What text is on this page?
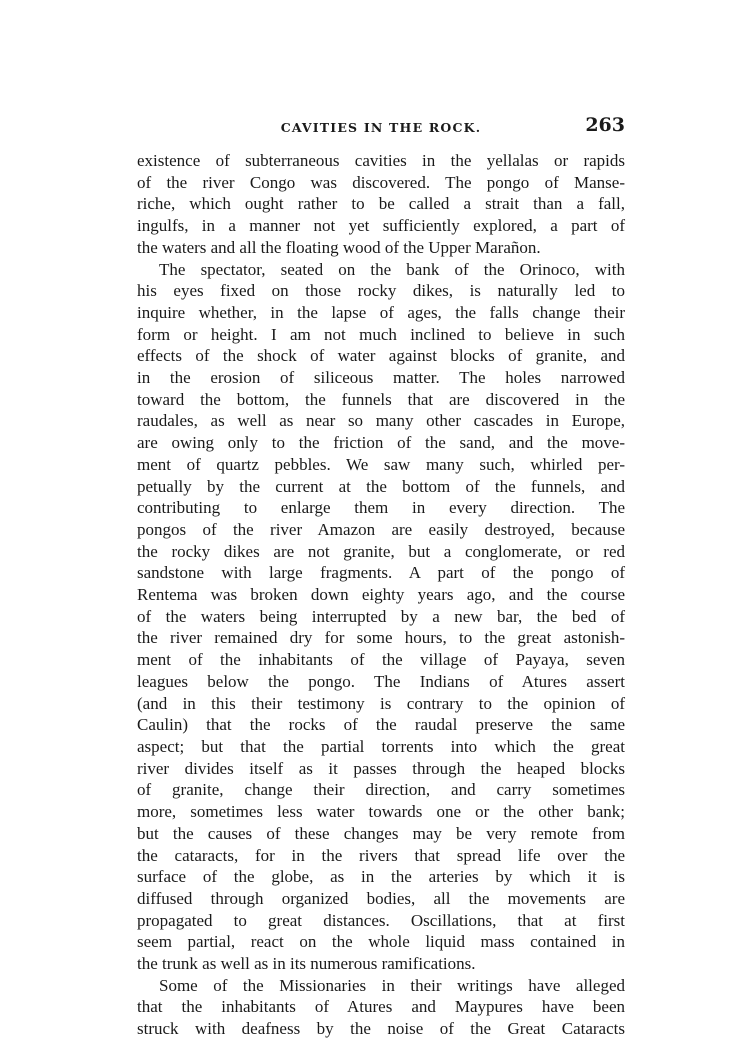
CAVITIES IN THE ROCK.	263

existence of subterraneous cavities in the yellalas or rapids
of the river Congo was discovered. The pongo of Manse-
riche, which ought rather to be called a strait than a fall,
ingulfs, in a manner not yet sufficiently explored, a part of
the waters and all the floating wood of the Upper Marañon.

The spectator, seated on the bank of the Orinoco, with
his eyes fixed on those rocky dikes, is naturally led to
inquire whether, in the lapse of ages, the falls change their
form or height. I am not much inclined to believe in such
effects of the shock of water against blocks of granite, and
in the erosion of siliceous matter. The holes narrowed
toward the bottom, the funnels that are discovered in the
raudales, as well as near so many other cascades in Europe,
are owing only to the friction of the sand, and the move-
ment of quartz pebbles. We saw many such, whirled per-
petually by the current at the bottom of the funnels, and
contributing to enlarge them in every direction. The
pongos of the river Amazon are easily destroyed, because
the rocky dikes are not granite, but a conglomerate, or red
sandstone with large fragments. A part of the pongo of
Rentema was broken down eighty years ago, and the course
of the waters being interrupted by a new bar, the bed of
the river remained dry for some hours, to the great astonish-
ment of the inhabitants of the village of Payaya, seven
leagues below the pongo. The Indians of Atures assert
(and in this their testimony is contrary to the opinion of
Caulin) that the rocks of the raudal preserve the same
aspect; but that the partial torrents into which the great
river divides itself as it passes through the heaped blocks
of granite, change their direction, and carry sometimes
more, sometimes less water towards one or the other bank;
but the causes of these changes may be very remote from
the cataracts, for in the rivers that spread life over the
surface of the globe, as in the arteries by which it is
diffused through organized bodies, all the movements are
propagated to great distances. Oscillations, that at first
seem partial, react on the whole liquid mass contained in
the trunk as well as in its numerous ramifications.

Some of the Missionaries in their writings have alleged
that the inhabitants of Atures and Maypures have been
struck with deafness by the noise of the Great Cataracts
